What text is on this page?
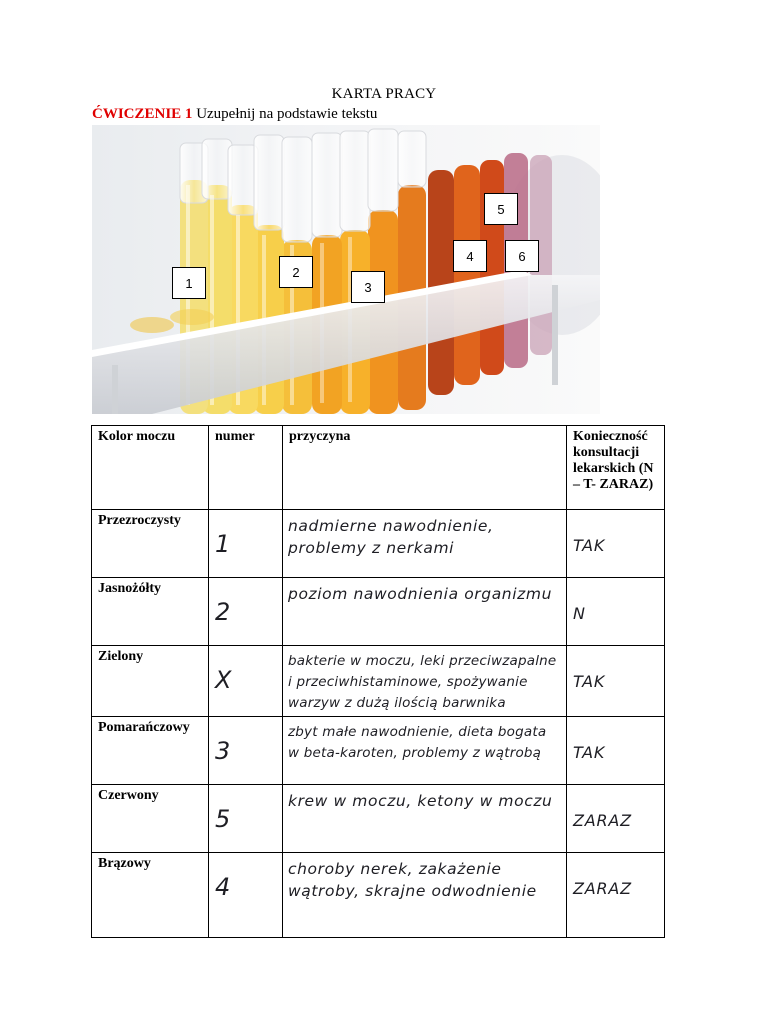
KARTA PRACY
ĆWICZENIE 1 Uzupełnij na podstawie tekstu
1
2
3
4
5
6
Kolor moczu	numer	przyczyna	Konieczność konsultacji lekarskich (N – T- ZARAZ)
Przezroczysty	1	nadmierne nawodnienie, problemy z nerkami	TAK
Jasnożółty	2	poziom nawodnienia organizmu	N
Zielony	X	bakterie w moczu, leki przeciwzapalne i przeciwhistaminowe, spożywanie warzyw z dużą ilością barwnika	TAK
Pomarańczowy	3	zbyt małe nawodnienie, dieta bogata w beta-karoten, problemy z wątrobą	TAK
Czerwony	5	krew w moczu, ketony w moczu	ZARAZ
Brązowy	4	choroby nerek, zakażenie wątroby, skrajne odwodnienie	ZARAZ
